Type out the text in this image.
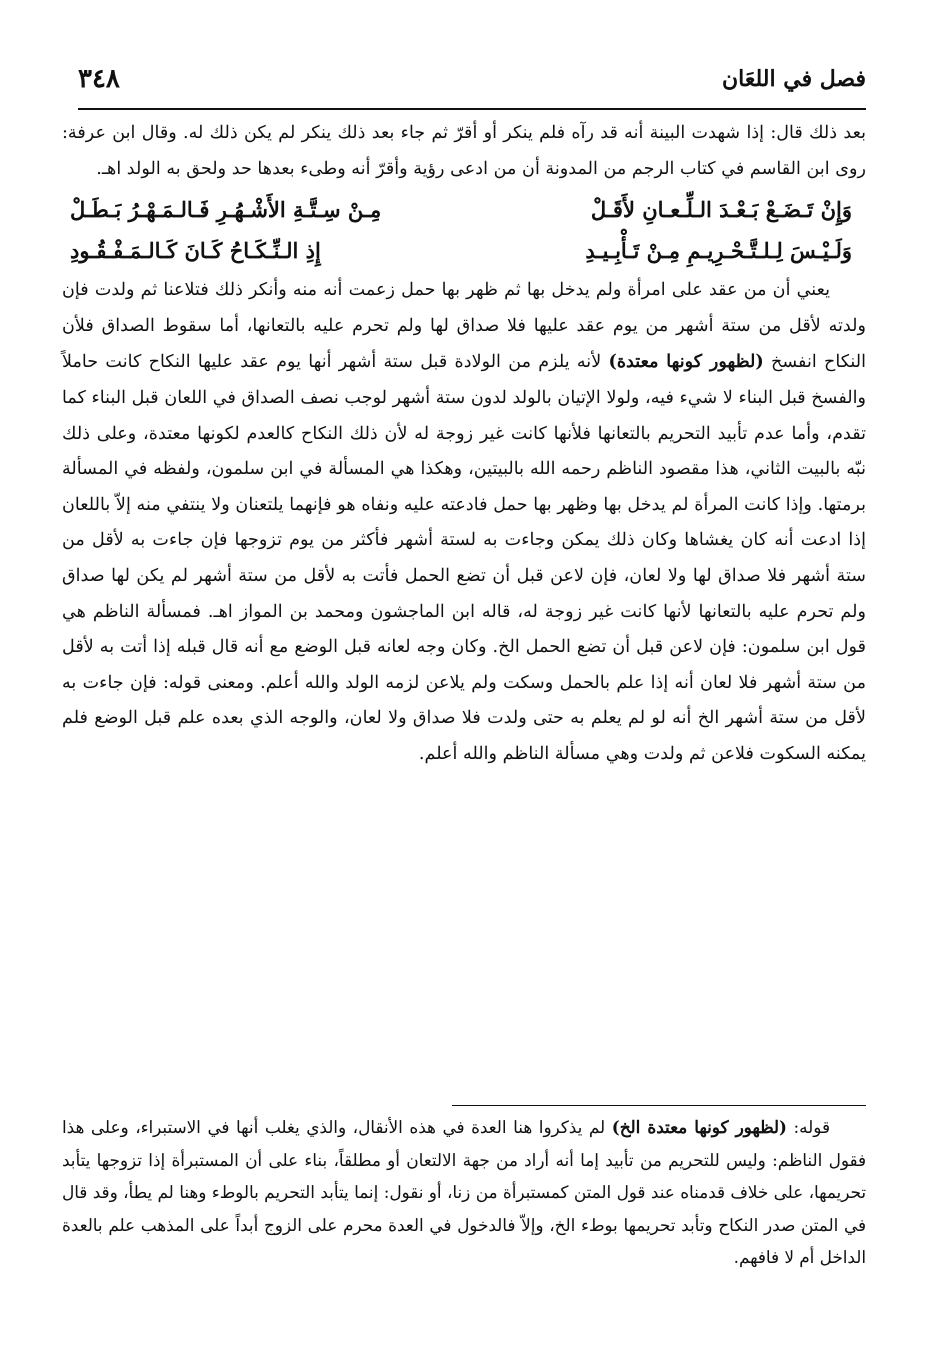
فصل في اللعَان
٣٤٨

بعد ذلك قال: إذا شهدت البينة أنه قد رآه فلم ينكر أو أقرّ ثم جاء بعد ذلك ينكر لم يكن ذلك له. وقال ابن عرفة: روى ابن القاسم في كتاب الرجم من المدونة أن من ادعى رؤية وأقرّ أنه وطىء بعدها حد ولحق به الولد اهـ.

وَإِنْ تَـضَـعْ بَـعْـدَ الـلِّـعـانِ لأَقَـلْ
مِـنْ سِـتَّـةِ الأَشْـهُـرِ فَـالـمَـهْـرُ بَـطَـلْ
وَلَـيْـسَ لِـلـتَّـحْـرِيـمِ مِـنْ تَـأْبِـيـدِ
إِذِ الـنِّـكَـاحُ كَـانَ كَـالـمَـفْـقُـودِ

يعني أن من عقد على امرأة ولم يدخل بها ثم ظهر بها حمل زعمت أنه منه وأنكر ذلك فتلاعنا ثم ولدت فإن ولدته لأقل من ستة أشهر من يوم عقد عليها فلا صداق لها ولم تحرم عليه بالتعانها، أما سقوط الصداق فلأن النكاح انفسخ (لظهور كونها معتدة) لأنه يلزم من الولادة قبل ستة أشهر أنها يوم عقد عليها النكاح كانت حاملاً والفسخ قبل البناء لا شيء فيه، ولولا الإتيان بالولد لدون ستة أشهر لوجب نصف الصداق في اللعان قبل البناء كما تقدم، وأما عدم تأبيد التحريم بالتعانها فلأنها كانت غير زوجة له لأن ذلك النكاح كالعدم لكونها معتدة، وعلى ذلك نبّه بالبيت الثاني، هذا مقصود الناظم رحمه الله بالبيتين، وهكذا هي المسألة في ابن سلمون، ولفظه في المسألة برمتها. وإذا كانت المرأة لم يدخل بها وظهر بها حمل فادعته عليه ونفاه هو فإنهما يلتعنان ولا ينتفي منه إلاّ باللعان إذا ادعت أنه كان يغشاها وكان ذلك يمكن وجاءت به لستة أشهر فأكثر من يوم تزوجها فإن جاءت به لأقل من ستة أشهر فلا صداق لها ولا لعان، فإن لاعن قبل أن تضع الحمل فأتت به لأقل من ستة أشهر لم يكن لها صداق ولم تحرم عليه بالتعانها لأنها كانت غير زوجة له، قاله ابن الماجشون ومحمد بن المواز اهـ. فمسألة الناظم هي قول ابن سلمون: فإن لاعن قبل أن تضع الحمل الخ. وكان وجه لعانه قبل الوضع مع أنه قال قبله إذا أتت به لأقل من ستة أشهر فلا لعان أنه إذا علم بالحمل وسكت ولم يلاعن لزمه الولد والله أعلم. ومعنى قوله: فإن جاءت به لأقل من ستة أشهر الخ أنه لو لم يعلم به حتى ولدت فلا صداق ولا لعان، والوجه الذي بعده علم قبل الوضع فلم يمكنه السكوت فلاعن ثم ولدت وهي مسألة الناظم والله أعلم.

قوله: (لظهور كونها معتدة الخ) لم يذكروا هنا العدة في هذه الأنقال، والذي يغلب أنها في الاستبراء، وعلى هذا فقول الناظم: وليس للتحريم من تأبيد إما أنه أراد من جهة الالتعان أو مطلقاً، بناء على أن المستبرأة إذا تزوجها يتأبد تحريمها، على خلاف قدمناه عند قول المتن كمستبرأة من زنا، أو نقول: إنما يتأبد التحريم بالوطء وهنا لم يطأ، وقد قال في المتن صدر النكاح وتأبد تحريمها بوطء الخ، وإلاّ فالدخول في العدة محرم على الزوج أبداً على المذهب علم بالعدة الداخل أم لا فافهم.
